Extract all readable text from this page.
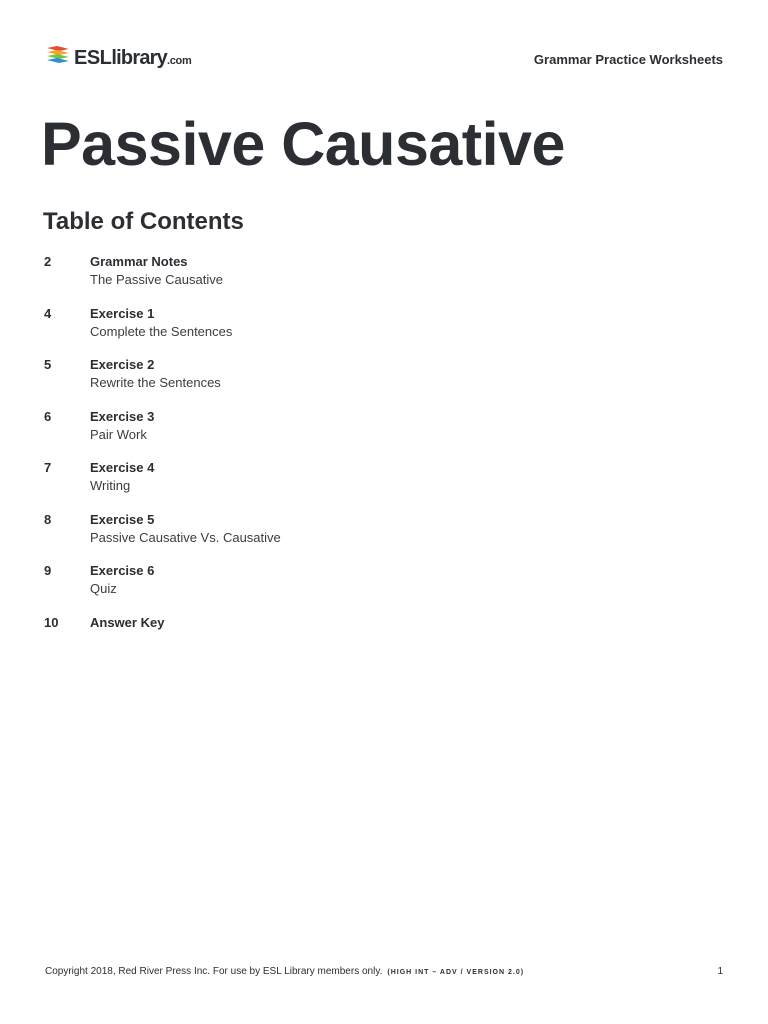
ESLlibrary.com	Grammar Practice Worksheets
Passive Causative
Table of Contents
2	Grammar Notes
The Passive Causative
4	Exercise 1
Complete the Sentences
5	Exercise 2
Rewrite the Sentences
6	Exercise 3
Pair Work
7	Exercise 4
Writing
8	Exercise 5
Passive Causative Vs. Causative
9	Exercise 6
Quiz
10	Answer Key
Copyright 2018, Red River Press Inc. For use by ESL Library members only. (HIGH INT – ADV / VERSION 2.0)	1
